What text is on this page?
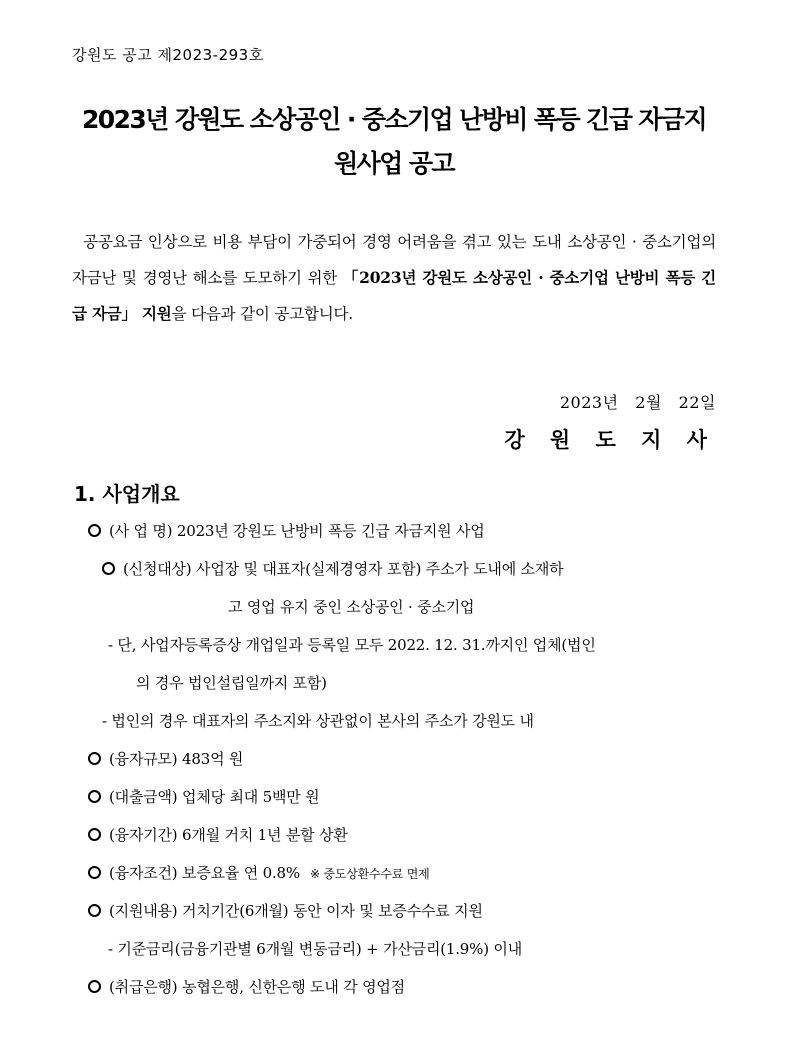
강원도 공고 제2023-293호
2023년 강원도 소상공인 · 중소기업 난방비 폭등 긴급 자금지
원사업 공고
공공요금 인상으로 비용 부담이 가중되어 경영 어려움을 겪고 있는 도내 소상공인 · 중소기업의 자금난 및 경영난 해소를 도모하기 위한 「2023년 강원도 소상공인 · 중소기업 난방비 폭등 긴급 자금」 지원을 다음과 같이 공고합니다.
2023년   2월   22일
강 원 도 지 사
1. 사업개요
(사 업 명) 2023년 강원도 난방비 폭등 긴급 자금지원 사업
(신청대상) 사업장 및 대표자(실제경영자 포함) 주소가 도내에 소재하
고 영업 유지 중인 소상공인 · 중소기업
- 단, 사업자등록증상 개업일과 등록일 모두 2022. 12. 31.까지인 업체(법인
의 경우 법인설립일까지 포함)
- 법인의 경우 대표자의 주소지와 상관없이 본사의 주소가 강원도 내
(융자규모) 483억 원
(대출금액) 업체당 최대 5백만 원
(융자기간) 6개월 거치 1년 분할 상환
(융자조건) 보증요율 연 0.8% ※ 중도상환수수료 면제
(지원내용) 거치기간(6개월) 동안 이자 및 보증수수료 지원
- 기준금리(금융기관별 6개월 변동금리) + 가산금리(1.9%) 이내
(취급은행) 농협은행, 신한은행 도내 각 영업점
